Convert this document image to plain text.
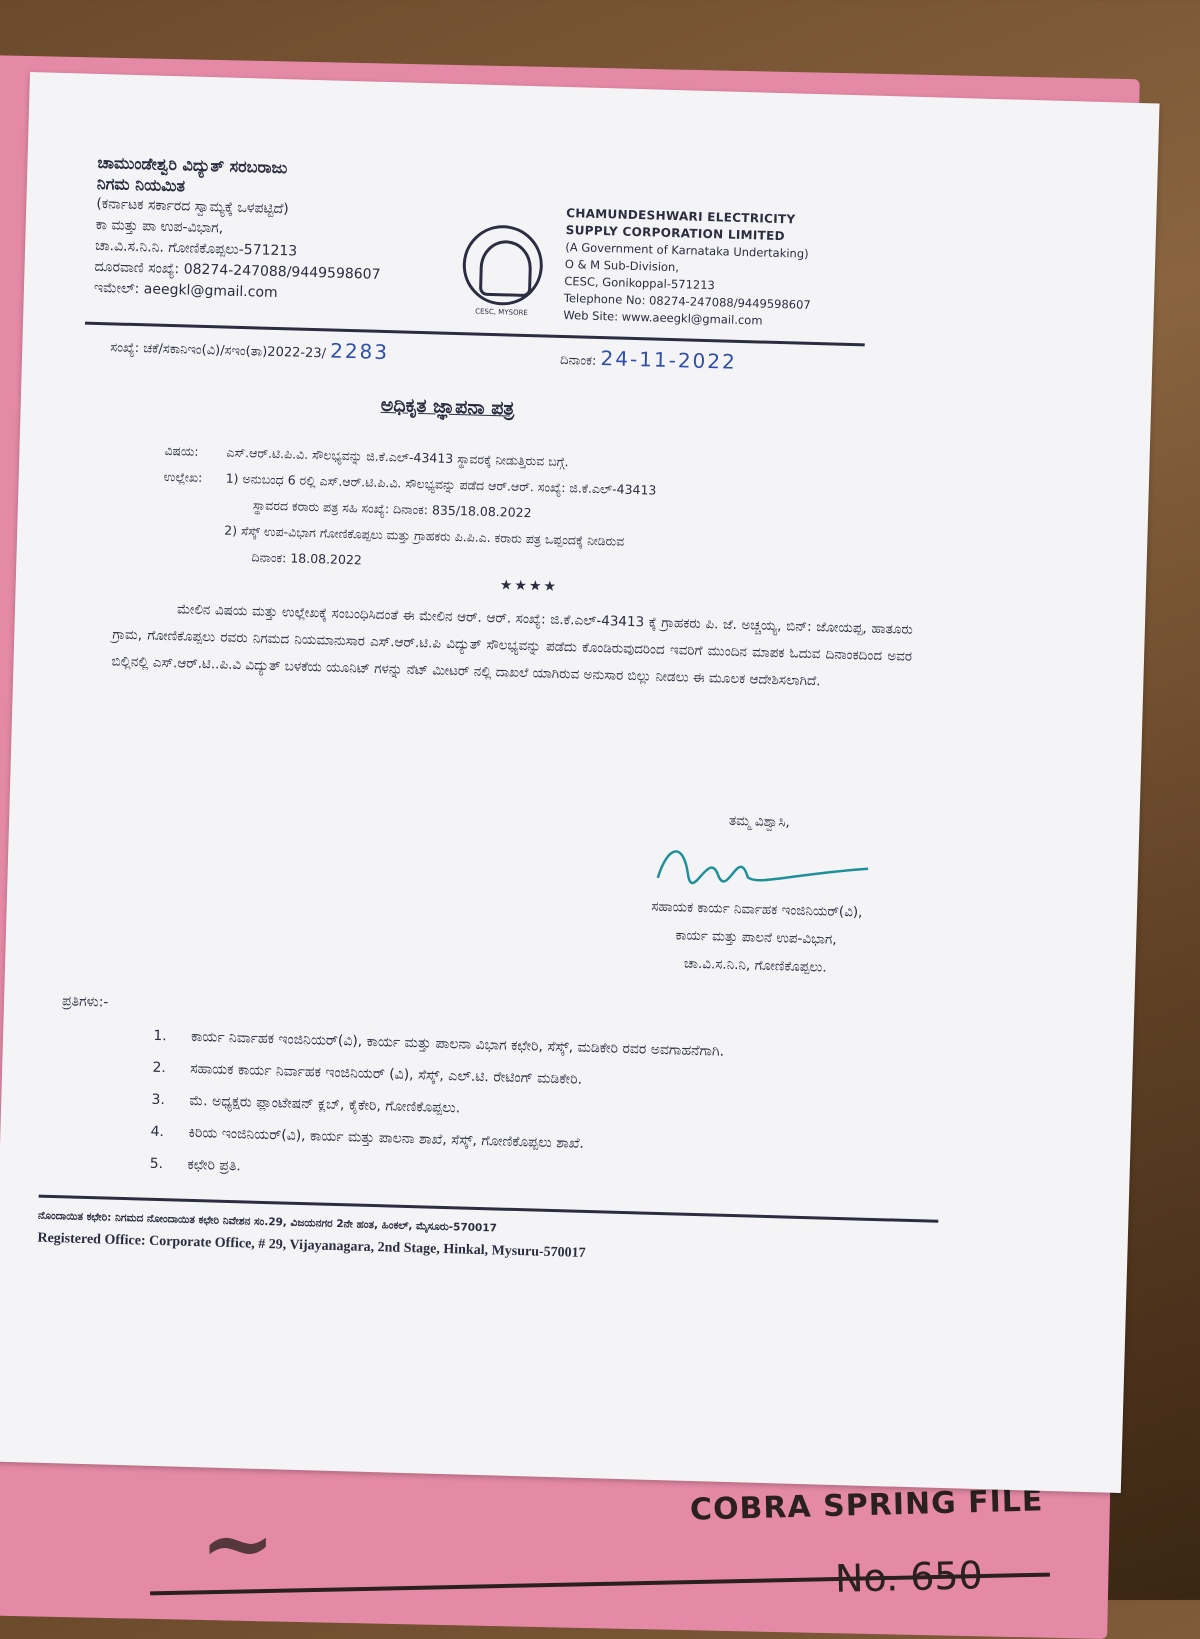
~	COBRA SPRING FILE
No. 650
ಚಾಮುಂಡೇಶ್ವರಿ ವಿದ್ಯುತ್ ಸರಬರಾಜು
ನಿಗಮ ನಿಯಮಿತ
(ಕರ್ನಾಟಕ ಸರ್ಕಾರದ ಸ್ವಾಮ್ಯಕ್ಕೆ ಒಳಪಟ್ಟಿದೆ)
ಕಾ ಮತ್ತು ಪಾ ಉಪ-ವಿಭಾಗ,
ಚಾ.ವಿ.ಸ.ನಿ.ನಿ. ಗೋಣಿಕೊಪ್ಪಲು-571213
ದೂರವಾಣಿ ಸಂಖ್ಯೆ: 08274-247088/9449598607
ಇಮೇಲ್: aeegkl@gmail.com
CESC, MYSORE
CHAMUNDESHWARI ELECTRICITY
SUPPLY CORPORATION LIMITED
(A Government of Karnataka Undertaking)
O & M Sub-Division,
CESC, Gonikoppal-571213
Telephone No: 08274-247088/9449598607
Web Site: www.aeegkl@gmail.com
ಸಂಖ್ಯೆ: ಚಕೆ/ಸಕಾನಿಇಂ(ವಿ)/ಸಇಂ(ತಾ)2022-23/ 2283	ದಿನಾಂಕ: 24-11-2022
ಅಧಿಕೃತ ಜ್ಞಾಪನಾ ಪತ್ರ
ವಿಷಯ: ಎಸ್.ಆರ್.ಟಿ.ಪಿ.ವಿ. ಸೌಲಭ್ಯವನ್ನು ಜಿ.ಕೆ.ಎಲ್-43413 ಸ್ಥಾವರಕ್ಕೆ ನೀಡುತ್ತಿರುವ ಬಗ್ಗೆ.
ಉಲ್ಲೇಖ: 1) ಅನುಬಂಧ 6 ರಲ್ಲಿ ಎಸ್.ಆರ್.ಟಿ.ಪಿ.ವಿ. ಸೌಲಭ್ಯವನ್ನು ಪಡೆದ ಆರ್.ಆರ್. ಸಂಖ್ಯೆ: ಜಿ.ಕೆ.ಎಲ್-43413
ಸ್ಥಾವರದ ಕರಾರು ಪತ್ರ ಸಹಿ ಸಂಖ್ಯೆ: ದಿನಾಂಕ: 835/18.08.2022
2) ಸೆಸ್ಕ್ ಉಪ-ವಿಭಾಗ ಗೋಣಿಕೊಪ್ಪಲು ಮತ್ತು ಗ್ರಾಹಕರು ಪಿ.ಪಿ.ಎ. ಕರಾರು ಪತ್ರ ಒಪ್ಪಂದಕ್ಕೆ ನೀಡಿರುವ
ದಿನಾಂಕ: 18.08.2022
★★★★
ಮೇಲಿನ ವಿಷಯ ಮತ್ತು ಉಲ್ಲೇಖಕ್ಕೆ ಸಂಬಂಧಿಸಿದಂತೆ ಈ ಮೇಲಿನ ಆರ್. ಆರ್. ಸಂಖ್ಯೆ: ಜಿ.ಕೆ.ಎಲ್-43413 ಕ್ಕೆ ಗ್ರಾಹಕರು ಪಿ. ಜೆ. ಅಚ್ಚಯ್ಯ, ಬಿನ್: ಜೋಯಪ್ಪ, ಹಾತೂರು ಗ್ರಾಮ, ಗೋಣಿಕೊಪ್ಪಲು ರವರು ನಿಗಮದ ನಿಯಮಾನುಸಾರ ಎಸ್.ಆರ್.ಟಿ.ಪಿ ವಿದ್ಯುತ್ ಸೌಲಭ್ಯವನ್ನು ಪಡೆದು ಕೊಂಡಿರುವುದರಿಂದ ಇವರಿಗೆ ಮುಂದಿನ ಮಾಪಕ ಓದುವ ದಿನಾಂಕದಿಂದ ಅವರ ಬಿಲ್ಲಿನಲ್ಲಿ ಎಸ್.ಆರ್.ಟಿ..ಪಿ.ವಿ ವಿದ್ಯುತ್ ಬಳಕೆಯ ಯೂನಿಟ್ ಗಳನ್ನು ನೆಟ್ ಮೀಟರ್ ನಲ್ಲಿ ದಾಖಲೆ ಯಾಗಿರುವ ಅನುಸಾರ ಬಿಲ್ಲು ನೀಡಲು ಈ ಮೂಲಕ ಆದೇಶಿಸಲಾಗಿದೆ.
ತಮ್ಮ ವಿಶ್ವಾಸಿ,
ಸಹಾಯಕ ಕಾರ್ಯ ನಿರ್ವಾಹಕ ಇಂಜಿನಿಯರ್(ವಿ),
ಕಾರ್ಯ ಮತ್ತು ಪಾಲನೆ ಉಪ-ವಿಭಾಗ,
ಚಾ.ವಿ.ಸ.ನಿ.ನಿ, ಗೋಣಿಕೊಪ್ಪಲು.
ಪ್ರತಿಗಳು:-
1. ಕಾರ್ಯ ನಿರ್ವಾಹಕ ಇಂಜಿನಿಯರ್(ವಿ), ಕಾರ್ಯ ಮತ್ತು ಪಾಲನಾ ವಿಭಾಗ ಕಛೇರಿ, ಸೆಸ್ಕ್, ಮಡಿಕೇರಿ ರವರ ಅವಗಾಹನೆಗಾಗಿ.
2. ಸಹಾಯಕ ಕಾರ್ಯ ನಿರ್ವಾಹಕ ಇಂಜಿನಿಯರ್ (ವಿ), ಸೆಸ್ಕ್, ಎಲ್.ಟಿ. ರೇಟಿಂಗ್ ಮಡಿಕೇರಿ.
3. ಮೆ. ಅಧ್ಯಕ್ಷರು ಪ್ಲಾಂಟೇಷನ್ ಕ್ಲಬ್, ಕೈಕೇರಿ, ಗೋಣಿಕೊಪ್ಪಲು.
4. ಕಿರಿಯ ಇಂಜಿನಿಯರ್(ವಿ), ಕಾರ್ಯ ಮತ್ತು ಪಾಲನಾ ಶಾಖೆ, ಸೆಸ್ಕ್, ಗೋಣಿಕೊಪ್ಪಲು ಶಾಖೆ.
5. ಕಛೇರಿ ಪ್ರತಿ.
ನೊಂದಾಯಿತ ಕಛೇರಿ: ನಿಗಮದ ನೋಂದಾಯಿತ ಕಛೇರಿ ನಿವೇಶನ ಸಂ.29, ವಿಜಯನಗರ 2ನೇ ಹಂತ, ಹಿಂಕಲ್, ಮೈಸೂರು-570017
Registered Office: Corporate Office, # 29, Vijayanagara, 2nd Stage, Hinkal, Mysuru-570017
